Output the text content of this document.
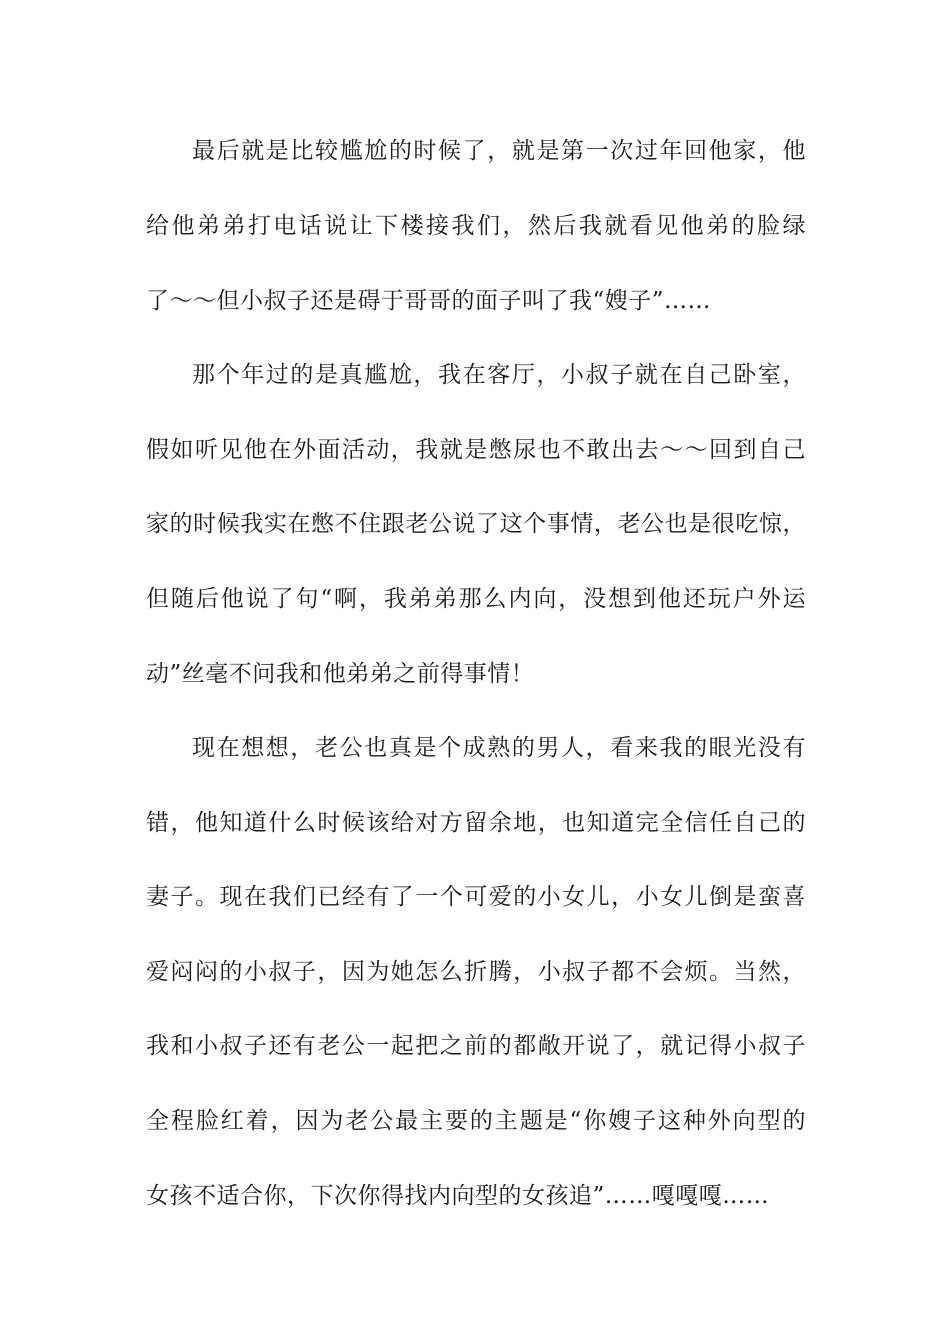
最后就是比较尴尬的时候了，就是第一次过年回他家，他
给他弟弟打电话说让下楼接我们，然后我就看见他弟的脸绿
了～～但小叔子还是碍于哥哥的面子叫了我“嫂子”……
那个年过的是真尴尬，我在客厅，小叔子就在自己卧室，
假如听见他在外面活动，我就是憋尿也不敢出去～～回到自己
家的时候我实在憋不住跟老公说了这个事情，老公也是很吃惊，
但随后他说了句“啊，我弟弟那么内向，没想到他还玩户外运
动”丝毫不问我和他弟弟之前得事情！
现在想想，老公也真是个成熟的男人，看来我的眼光没有
错，他知道什么时候该给对方留余地，也知道完全信任自己的
妻子。现在我们已经有了一个可爱的小女儿，小女儿倒是蛮喜
爱闷闷的小叔子，因为她怎么折腾，小叔子都不会烦。当然，
我和小叔子还有老公一起把之前的都敞开说了，就记得小叔子
全程脸红着，因为老公最主要的主题是“你嫂子这种外向型的
女孩不适合你，下次你得找内向型的女孩追”……嘎嘎嘎……
